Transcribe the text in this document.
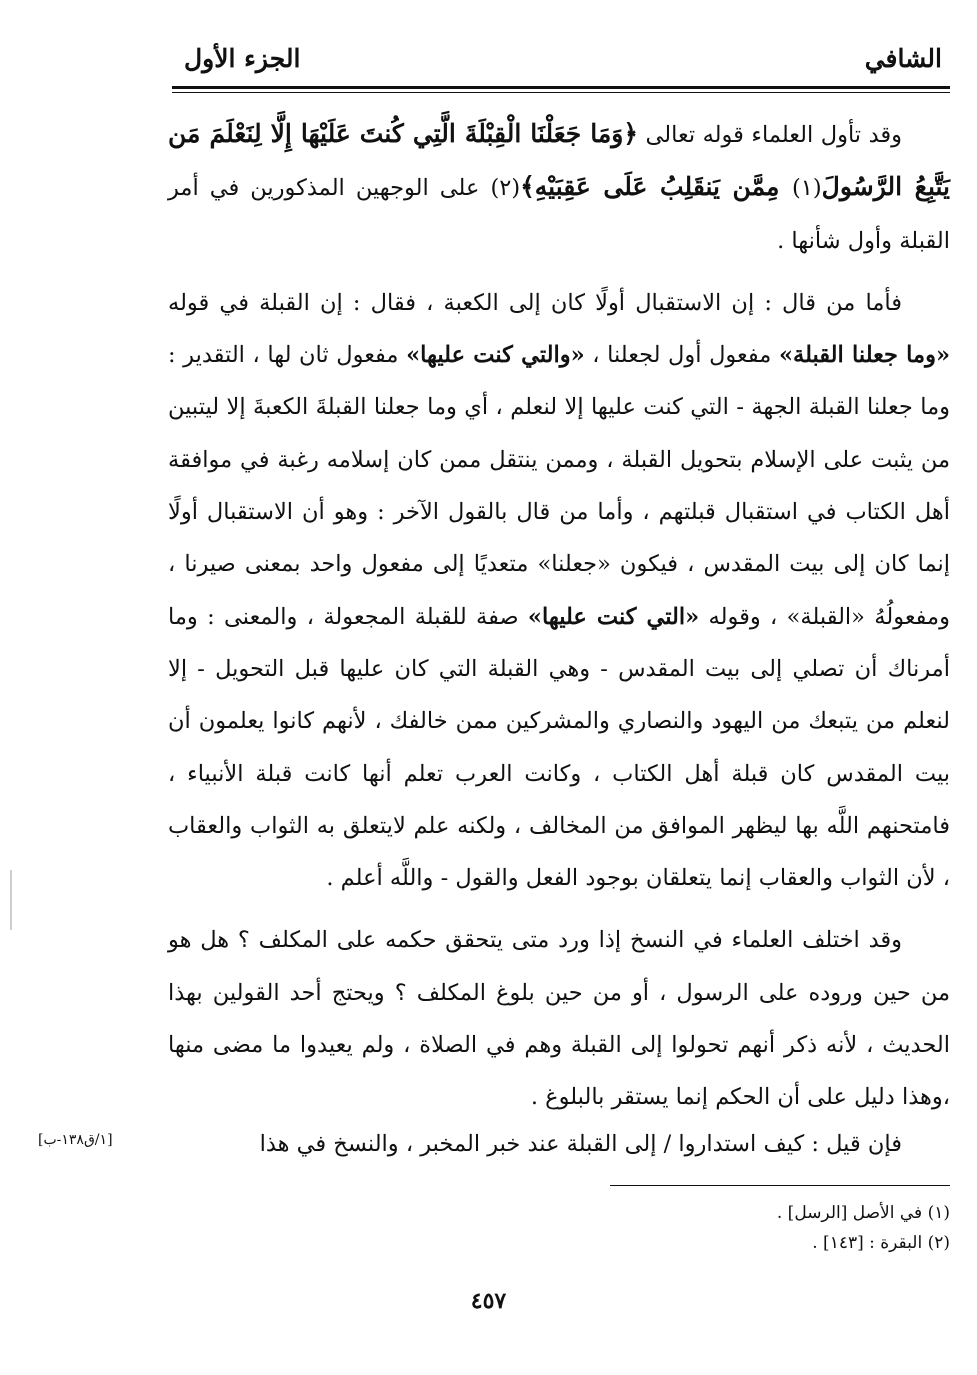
الشافي
الجزء الأول

وقد تأول العلماء قوله تعالى ﴿وَمَا جَعَلْنَا الْقِبْلَةَ الَّتِي كُنتَ عَلَيْهَا إِلَّا لِنَعْلَمَ مَن يَتَّبِعُ الرَّسُولَ(١) مِمَّن يَنقَلِبُ عَلَى عَقِبَيْهِ﴾(٢) على الوجهين المذكورين في أمر القبلة وأول شأنها .

فأما من قال : إن الاستقبال أولًا كان إلى الكعبة ، فقال : إن القبلة في قوله «وما جعلنا القبلة» مفعول أول لجعلنا ، «والتي كنت عليها» مفعول ثان لها ، التقدير : وما جعلنا القبلة الجهة - التي كنت عليها إلا لنعلم ، أي وما جعلنا القبلةَ الكعبةَ إلا ليتبين من يثبت على الإسلام بتحويل القبلة ، وممن ينتقل ممن كان إسلامه رغبة في موافقة أهل الكتاب في استقبال قبلتهم ، وأما من قال بالقول الآخر : وهو أن الاستقبال أولًا إنما كان إلى بيت المقدس ، فيكون «جعلنا» متعديًا إلى مفعول واحد بمعنى صيرنا ، ومفعولُهُ «القبلة» ، وقوله «التي كنت عليها» صفة للقبلة المجعولة ، والمعنى : وما أمرناك أن تصلي إلى بيت المقدس - وهي القبلة التي كان عليها قبل التحويل - إلا لنعلم من يتبعك من اليهود والنصاري والمشركين ممن خالفك ، لأنهم كانوا يعلمون أن بيت المقدس كان قبلة أهل الكتاب ، وكانت العرب تعلم أنها كانت قبلة الأنبياء ، فامتحنهم اللَّه بها ليظهر الموافق من المخالف ، ولكنه علم لايتعلق به الثواب والعقاب ، لأن الثواب والعقاب إنما يتعلقان بوجود الفعل والقول - واللَّه أعلم .

وقد اختلف العلماء في النسخ إذا ورد متى يتحقق حكمه على المكلف ؟ هل هو من حين وروده على الرسول ، أو من حين بلوغ المكلف ؟ ويحتج أحد القولين بهذا الحديث ، لأنه ذكر أنهم تحولوا إلى القبلة وهم في الصلاة ، ولم يعيدوا ما مضى منها ،وهذا دليل على أن الحكم إنما يستقر بالبلوغ .

فإن قيل : كيف استداروا / إلى القبلة عند خبر المخبر ، والنسخ في هذا
[١/ق١٣٨-ب]
(١) في الأصل [الرسل] .
(٢) البقرة : [١٤٣] .
٤٥٧
